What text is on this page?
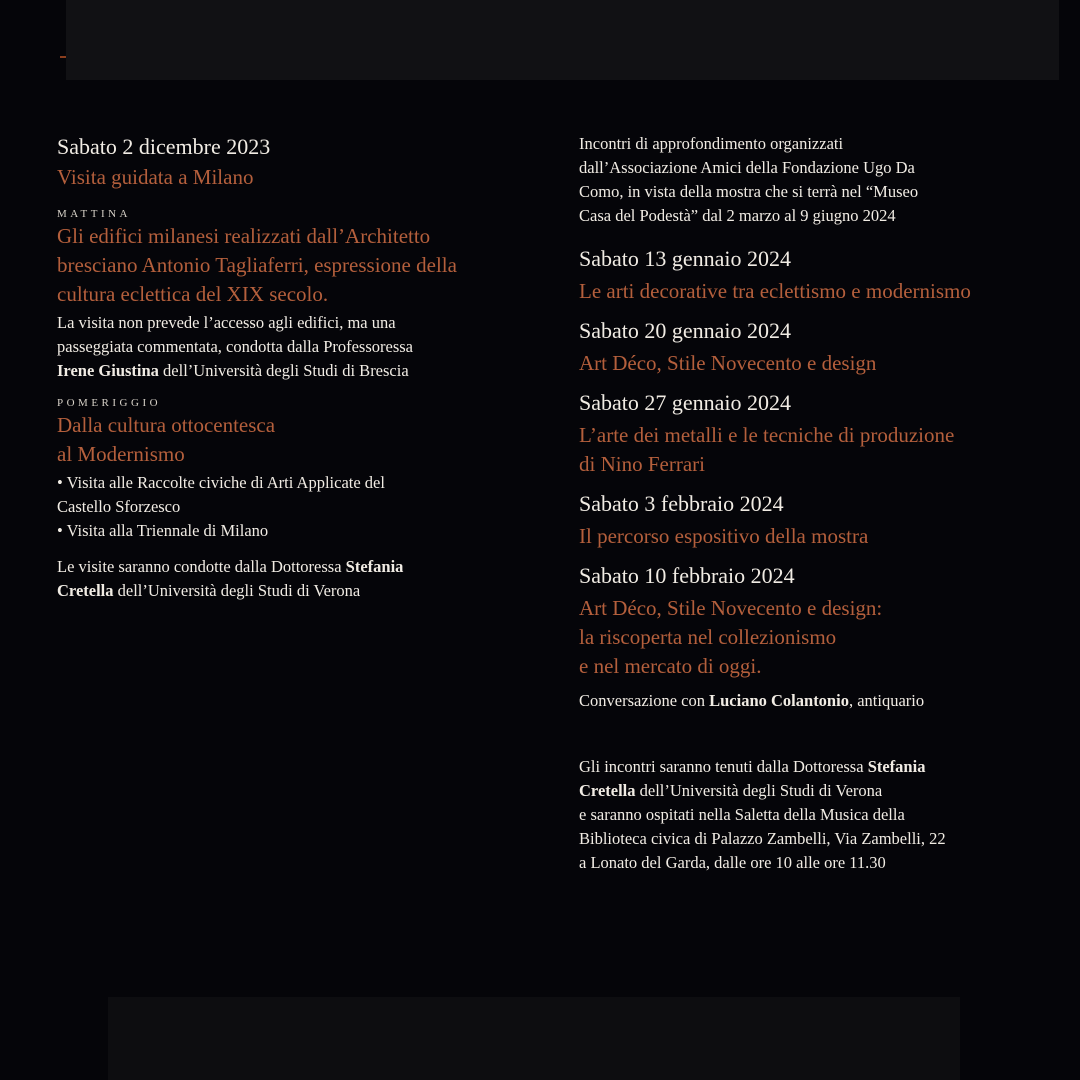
Sabato 2 dicembre 2023

Visita guidata a Milano

MATTINA

Gli edifici milanesi realizzati dall’Architetto
bresciano Antonio Tagliaferri, espressione della
cultura eclettica del XIX secolo.
La visita non prevede l’accesso agli edifici, ma una
passeggiata commentata, condotta dalla Professoressa
Irene Giustina dell’Università degli Studi di Brescia

POMERIGGIO

Dalla cultura ottocentesca
al Modernismo
• Visita alle Raccolte civiche di Arti Applicate del
Castello Sforzesco
• Visita alla Triennale di Milano
Le visite saranno condotte dalla Dottoressa Stefania
Cretella dell’Università degli Studi di Verona
Incontri di approfondimento organizzati
dall’Associazione Amici della Fondazione Ugo Da
Como, in vista della mostra che si terrà nel “Museo
Casa del Podestà” dal 2 marzo al 9 giugno 2024

Sabato 13 gennaio 2024

Le arti decorative tra eclettismo e modernismo

Sabato 20 gennaio 2024

Art Déco, Stile Novecento e design

Sabato 27 gennaio 2024

L’arte dei metalli e le tecniche di produzione
di Nino Ferrari

Sabato 3 febbraio 2024

Il percorso espositivo della mostra

Sabato 10 febbraio 2024

Art Déco, Stile Novecento e design:
la riscoperta nel collezionismo
e nel mercato di oggi.
Conversazione con Luciano Colantonio, antiquario
Gli incontri saranno tenuti dalla Dottoressa Stefania
Cretella dell’Università degli Studi di Verona
e saranno ospitati nella Saletta della Musica della
Biblioteca civica di Palazzo Zambelli, Via Zambelli, 22
a Lonato del Garda, dalle ore 10 alle ore 11.30
